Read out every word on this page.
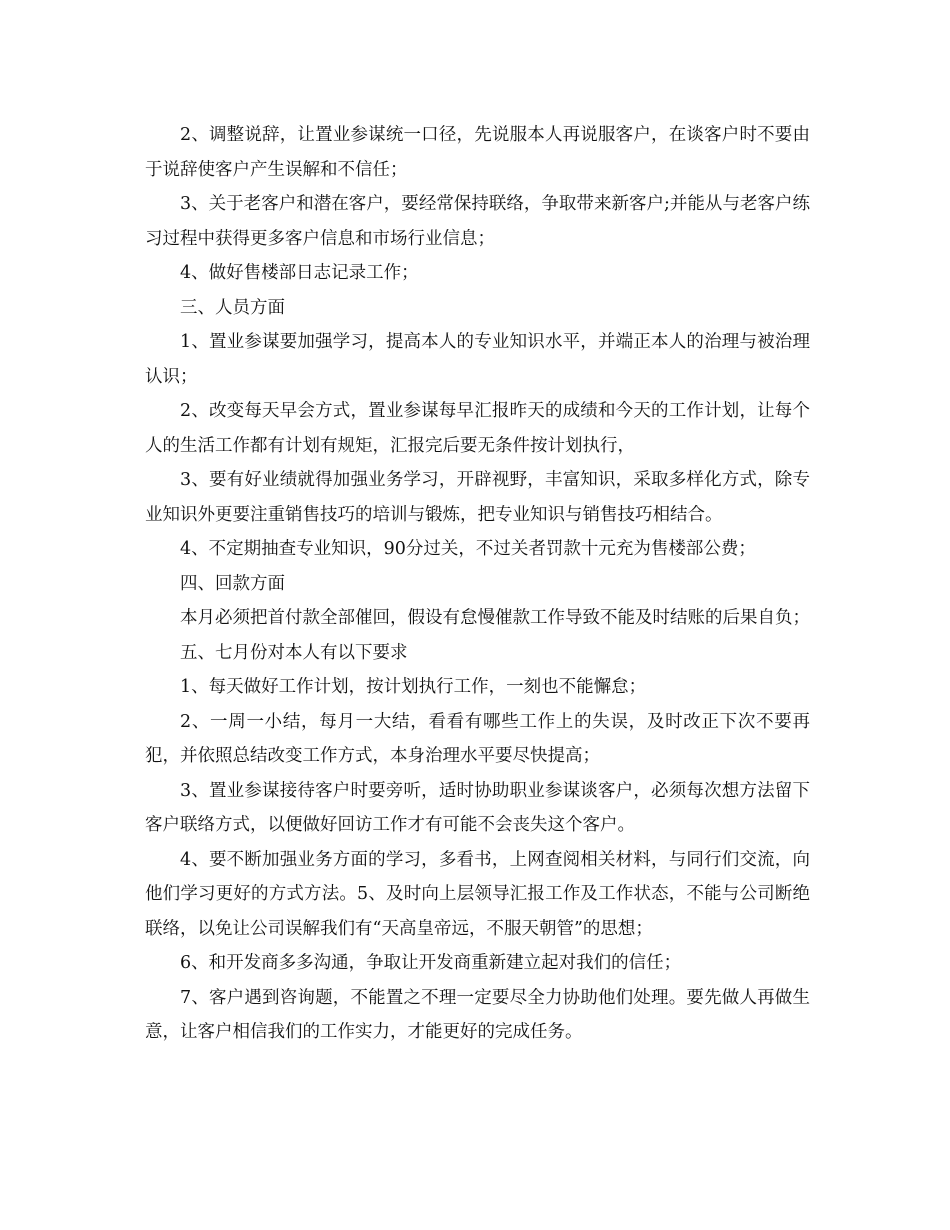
2、调整说辞，让置业参谋统一口径，先说服本人再说服客户，在谈客户时不要由于说辞使客户产生误解和不信任；

3、关于老客户和潜在客户，要经常保持联络，争取带来新客户;并能从与老客户练习过程中获得更多客户信息和市场行业信息；

4、做好售楼部日志记录工作；

三、人员方面

1、置业参谋要加强学习，提高本人的专业知识水平，并端正本人的治理与被治理认识；

2、改变每天早会方式，置业参谋每早汇报昨天的成绩和今天的工作计划，让每个人的生活工作都有计划有规矩，汇报完后要无条件按计划执行，

3、要有好业绩就得加强业务学习，开辟视野，丰富知识，采取多样化方式，除专业知识外更要注重销售技巧的培训与锻炼，把专业知识与销售技巧相结合。

4、不定期抽查专业知识，90分过关，不过关者罚款十元充为售楼部公费；

四、回款方面

本月必须把首付款全部催回，假设有怠慢催款工作导致不能及时结账的后果自负；

五、七月份对本人有以下要求

1、每天做好工作计划，按计划执行工作，一刻也不能懈怠；

2、一周一小结，每月一大结，看看有哪些工作上的失误，及时改正下次不要再犯，并依照总结改变工作方式，本身治理水平要尽快提高；

3、置业参谋接待客户时要旁听，适时协助职业参谋谈客户，必须每次想方法留下客户联络方式，以便做好回访工作才有可能不会丧失这个客户。

4、要不断加强业务方面的学习，多看书，上网查阅相关材料，与同行们交流，向他们学习更好的方式方法。5、及时向上层领导汇报工作及工作状态，不能与公司断绝联络，以免让公司误解我们有“天高皇帝远，不服天朝管”的思想；

6、和开发商多多沟通，争取让开发商重新建立起对我们的信任；

7、客户遇到咨询题，不能置之不理一定要尽全力协助他们处理。要先做人再做生意，让客户相信我们的工作实力，才能更好的完成任务。
